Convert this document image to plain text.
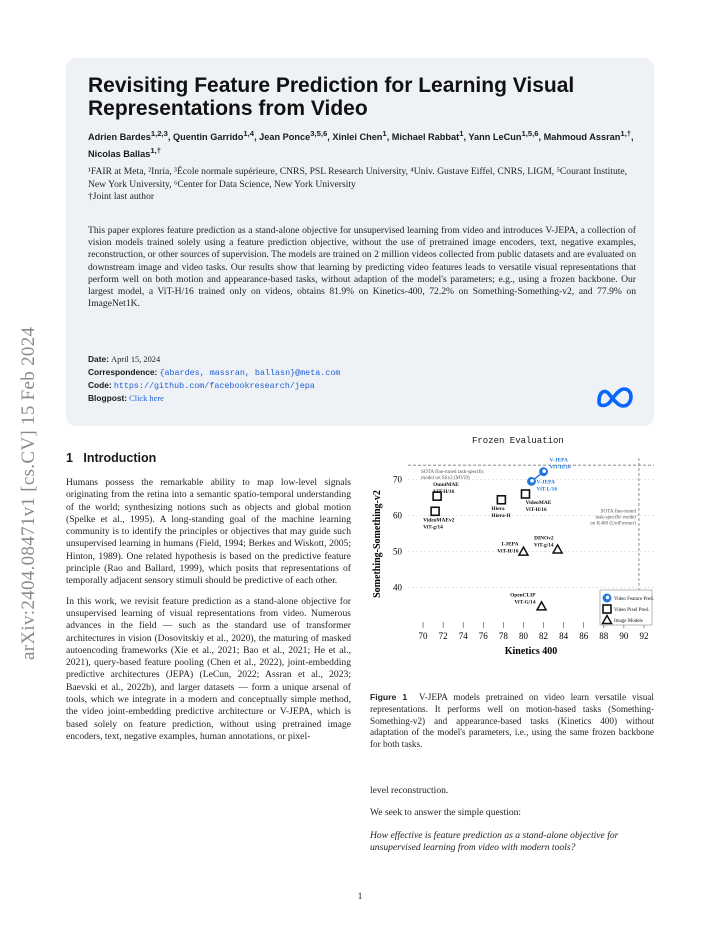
arXiv:2404.08471v1 [cs.CV] 15 Feb 2024
Revisiting Feature Prediction for Learning Visual Representations from Video
Adrien Bardes$^{1,2,3}$, Quentin Garrido$^{1,4}$, Jean Ponce$^{3,5,6}$, Xinlei Chen$^1$, Michael Rabbat$^1$, Yann LeCun$^{1,5,6}$, Mahmoud Assran$^{1,\dagger}$, Nicolas Ballas$^{1,\dagger}$
¹FAIR at Meta, ²Inria, ³École normale supérieure, CNRS, PSL Research University, ⁴Univ. Gustave Eiffel, CNRS, LIGM, ⁵Courant Institute, New York University, ⁶Center for Data Science, New York University
†Joint last author
This paper explores feature prediction as a stand-alone objective for unsupervised learning from video and introduces V-JEPA, a collection of vision models trained solely using a feature prediction objective, without the use of pretrained image encoders, text, negative examples, reconstruction, or other sources of supervision. The models are trained on 2 million videos collected from public datasets and are evaluated on downstream image and video tasks. Our results show that learning by predicting video features leads to versatile visual representations that perform well on both motion and appearance-based tasks, without adaption of the model's parameters; e.g., using a frozen backbone. Our largest model, a ViT-H/16 trained only on videos, obtains 81.9% on Kinetics-400, 72.2% on Something-Something-v2, and 77.9% on ImageNet1K.
Date: April 15, 2024
Correspondence: {abardes, massran, ballasn}@meta.com
Code: https://github.com/facebookresearch/jepa
Blogpost: Click here
1 Introduction

Humans possess the remarkable ability to map low-level signals originating from the retina into a semantic spatio-temporal understanding of the world; synthesizing notions such as objects and global motion (Spelke et al., 1995). A long-standing goal of the machine learning community is to identify the principles or objectives that may guide such unsupervised learning in humans (Field, 1994; Berkes and Wiskott, 2005; Hinton, 1989). One related hypothesis is based on the predictive feature principle (Rao and Ballard, 1999), which posits that representations of temporally adjacent sensory stimuli should be predictive of each other.

In this work, we revisit feature prediction as a stand-alone objective for unsupervised learning of visual representations from video. Numerous advances in the field — such as the standard use of transformer architectures in vision (Dosovitskiy et al., 2020), the maturing of masked autoencoding frameworks (Xie et al., 2021; Bao et al., 2021; He et al., 2021), query-based feature pooling (Chen et al., 2022), joint-embedding predictive architectures (JEPA) (LeCun, 2022; Assran et al., 2023; Baevski et al., 2022b), and larger datasets — form a unique arsenal of tools, which we integrate in a modern and conceptually simple method, the video joint-embedding predictive architecture or V-JEPA, which is based solely on feature prediction, without using pretrained image encoders, text, negative examples, human annotations, or pixel-

Frozen Evaluation
40
50
60
70
70 72 74 76 78 80 82 84 86 88 90 92
Kinetics 400
Something-Something-v2
SOTA fine-tuned task-specific
model on SSv2 (MVD)
SOTA fine-tuned
task-specific model
on K400 (UniFormer)
V-JEPA
ViT-L/16
V-JEPA
ViT-H/16
VideoMAEv2
ViT-g/14
OmniMAE
ViT-H/16
Hiera
Hiera-H
VideoMAE
ViT-H/16
I-JEPA
ViT-H/16
DINOv2
ViT-g/14
OpenCLIP
ViT-G/14	Video Feature Pred.
Video Pixel Pred.
Image Models
Figure 1 V-JEPA models pretrained on video learn versatile visual representations. It performs well on motion-based tasks (Something-Something-v2) and appearance-based tasks (Kinetics 400) without adaptation of the model's parameters, i.e., using the same frozen backbone for both tasks.

level reconstruction.

We seek to answer the simple question:

How effective is feature prediction as a stand-alone objective for unsupervised learning from video with modern tools?

1
